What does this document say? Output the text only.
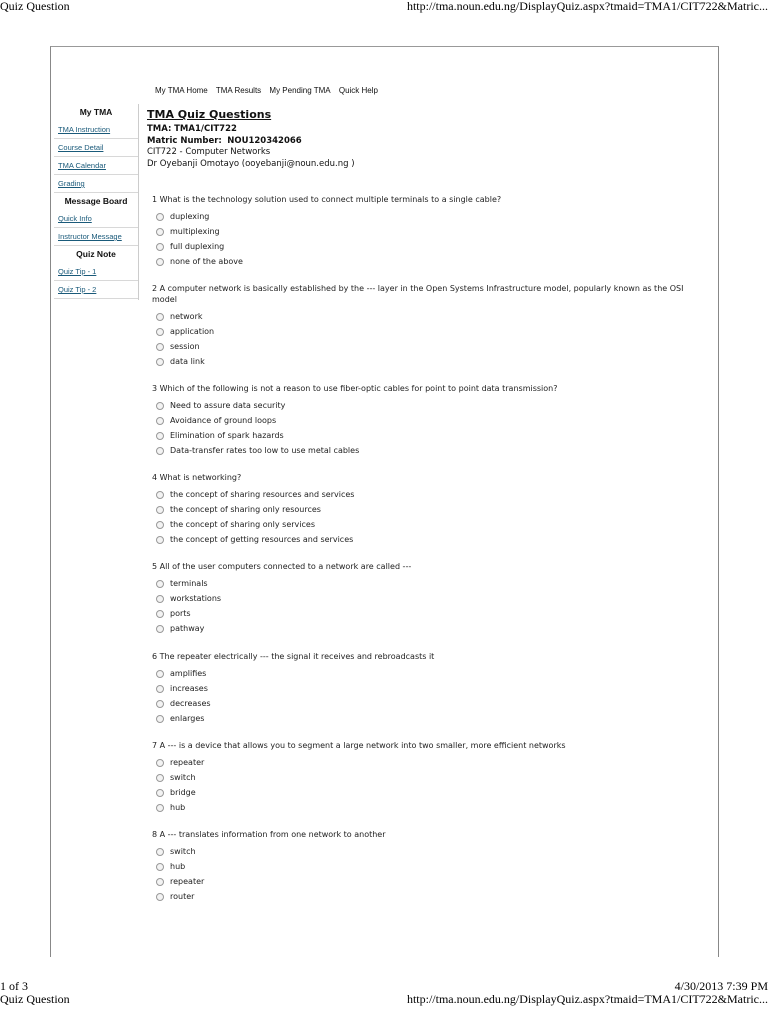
Quiz Question	http://tma.noun.edu.ng/DisplayQuiz.aspx?tmaid=TMA1/CIT722&Matric...
My TMA Home TMA Results My Pending TMA Quick Help
My TMA
TMA Instruction
Course Detail
TMA Calendar
Grading
Message Board
Quick Info
Instructor Message
Quiz Note
Quiz Tip - 1
Quiz Tip - 2
TMA Quiz Questions
TMA: TMA1/CIT722
Matric Number: NOU120342066
CIT722 - Computer Networks
Dr Oyebanji Omotayo (ooyebanji@noun.edu.ng )
1 What is the technology solution used to connect multiple terminals to a single cable?
duplexing
multiplexing
full duplexing
none of the above
2 A computer network is basically established by the --- layer in the Open Systems Infrastructure model, popularly known as the OSI model
network
application
session
data link
3 Which of the following is not a reason to use fiber-optic cables for point to point data transmission?
Need to assure data security
Avoidance of ground loops
Elimination of spark hazards
Data-transfer rates too low to use metal cables
4 What is networking?
the concept of sharing resources and services
the concept of sharing only resources
the concept of sharing only services
the concept of getting resources and services
5 All of the user computers connected to a network are called ---
terminals
workstations
ports
pathway
6 The repeater electrically --- the signal it receives and rebroadcasts it
amplifies
increases
decreases
enlarges
7 A --- is a device that allows you to segment a large network into two smaller, more efficient networks
repeater
switch
bridge
hub
8 A --- translates information from one network to another
switch
hub
repeater
router
1 of 3	4/30/2013 7:39 PM
Quiz Question	http://tma.noun.edu.ng/DisplayQuiz.aspx?tmaid=TMA1/CIT722&Matric...
